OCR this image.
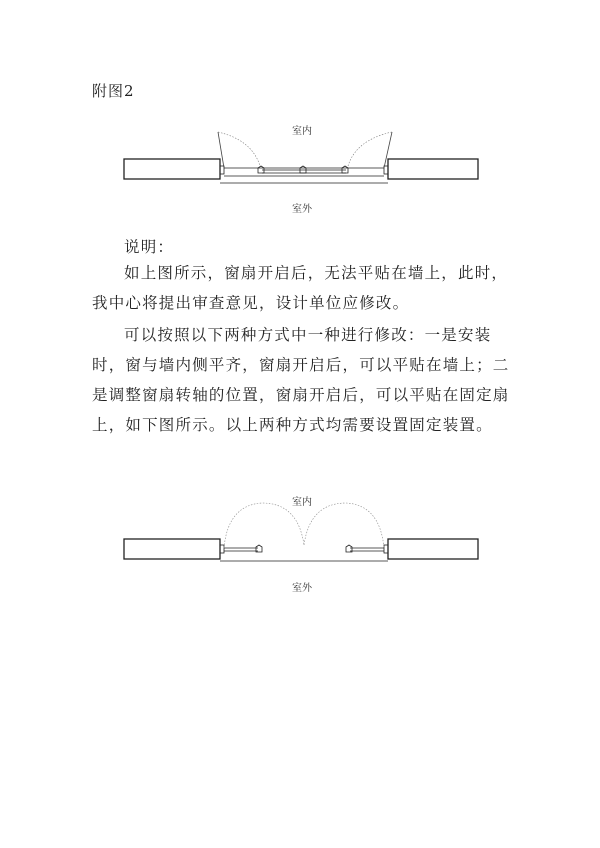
附图2
室内
室外
说明：

如上图所示，窗扇开启后，无法平贴在墙上，此时，我中心将提出审查意见，设计单位应修改。

可以按照以下两种方式中一种进行修改：一是安装时，窗与墙内侧平齐，窗扇开启后，可以平贴在墙上；二是调整窗扇转轴的位置，窗扇开启后，可以平贴在固定扇上，如下图所示。以上两种方式均需要设置固定装置。

室内
室外
